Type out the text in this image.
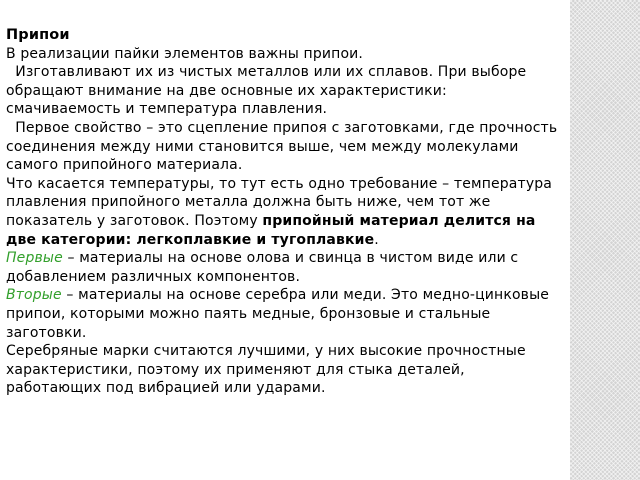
Припои

В реализации пайки элементов важны припои.

Изготавливают их из чистых металлов или их сплавов. При выборе обращают внимание на две основные их характеристики: смачиваемость и температура плавления.

Первое свойство – это сцепление припоя с заготовками, где прочность соединения между ними становится выше, чем между молекулами самого припойного материала.

Что касается температуры, то тут есть одно требование – температура плавления припойного металла должна быть ниже, чем тот же показатель у заготовок. Поэтому припойный материал делится на две категории: легкоплавкие и тугоплавкие.

Первые – материалы на основе олова и свинца в чистом виде или с добавлением различных компонентов.

Вторые – материалы на основе серебра или меди. Это медно-цинковые припои, которыми можно паять медные, бронзовые и стальные заготовки.

Серебряные марки считаются лучшими, у них высокие прочностные характеристики, поэтому их применяют для стыка деталей, работающих под вибрацией или ударами.
